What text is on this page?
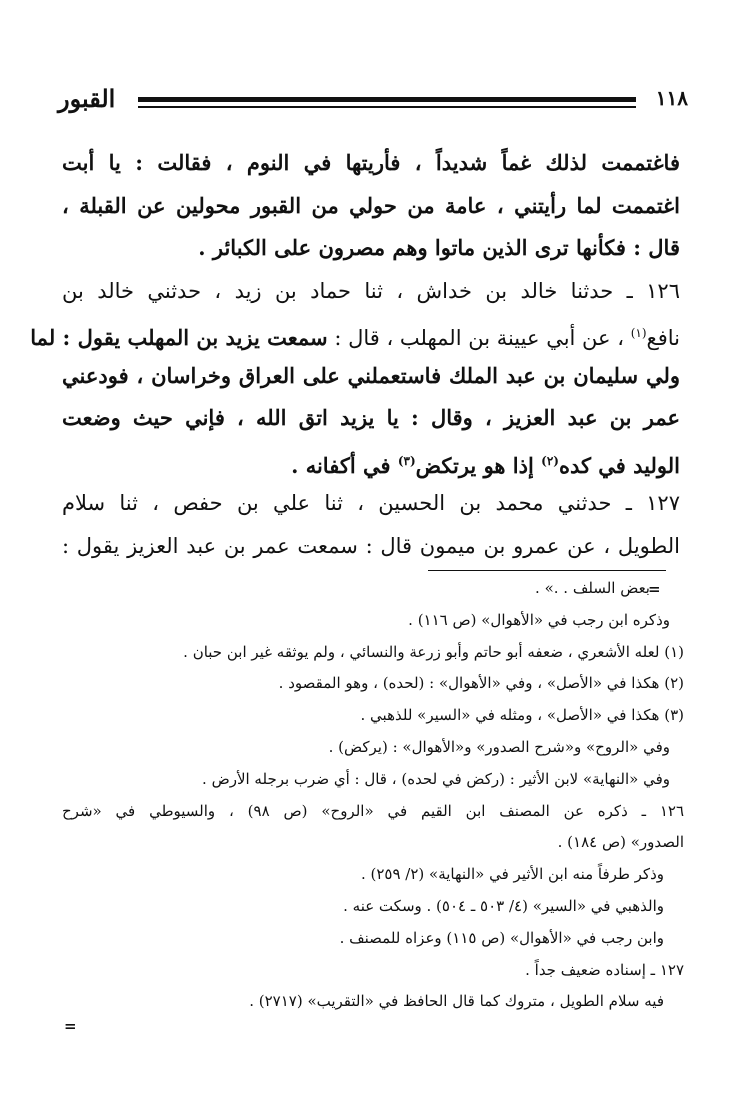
١١٨
القبور
فاغتممت لذلك غماً شديداً ، فأريتها في النوم ، فقالت : يا أبت
اغتممت لما رأيتني ، عامة من حولي من القبور محولين عن القبلة ،
قال : فكأنها ترى الذين ماتوا وهم مصرون على الكبائر .
١٢٦ ـ حدثنا خالد بن خداش ، ثنا حماد بن زيد ، حدثني خالد بن
نافع$^{(١)}$ ، عن أبي عيينة بن المهلب ، قال : سمعت يزيد بن المهلب يقول : لما
ولي سليمان بن عبد الملك فاستعملني على العراق وخراسان ، فودعني
عمر بن عبد العزيز ، وقال : يا يزيد اتق الله ، فإني حيث وضعت
الوليد في كده$^{(٢)}$ إذا هو يرتكض$^{(٣)}$ في أكفانه .
١٢٧ ـ حدثني محمد بن الحسين ، ثنا علي بن حفص ، ثنا سلام
الطويل ، عن عمرو بن ميمون قال : سمعت عمر بن عبد العزيز يقول :
=
=
بعض السلف . .» .
وذكره ابن رجب في «الأهوال» (ص ١١٦) .
(١) لعله الأشعري ، ضعفه أبو حاتم وأبو زرعة والنسائي ، ولم يوثقه غير ابن حبان .
(٢) هكذا في «الأصل» ، وفي «الأهوال» : (لحده) ، وهو المقصود .
(٣) هكذا في «الأصل» ، ومثله في «السير» للذهبي .
وفي «الروح» و«شرح الصدور» و«الأهوال» : (يركض) .
وفي «النهاية» لابن الأثير : (ركض في لحده) ، قال : أي ضرب برجله الأرض .
١٢٦ ـ ذكره عن المصنف ابن القيم في «الروح» (ص ٩٨) ، والسيوطي في «شرح
الصدور» (ص ١٨٤) .
وذكر طرفاً منه ابن الأثير في «النهاية» (٢/ ٢٥٩) .
والذهبي في «السير» (٤/ ٥٠٣ ـ ٥٠٤) . وسكت عنه .
وابن رجب في «الأهوال» (ص ١١٥) وعزاه للمصنف .
١٢٧ ـ إسناده ضعيف جداً .
فيه سلام الطويل ، متروك كما قال الحافظ في «التقريب» (٢٧١٧) .
